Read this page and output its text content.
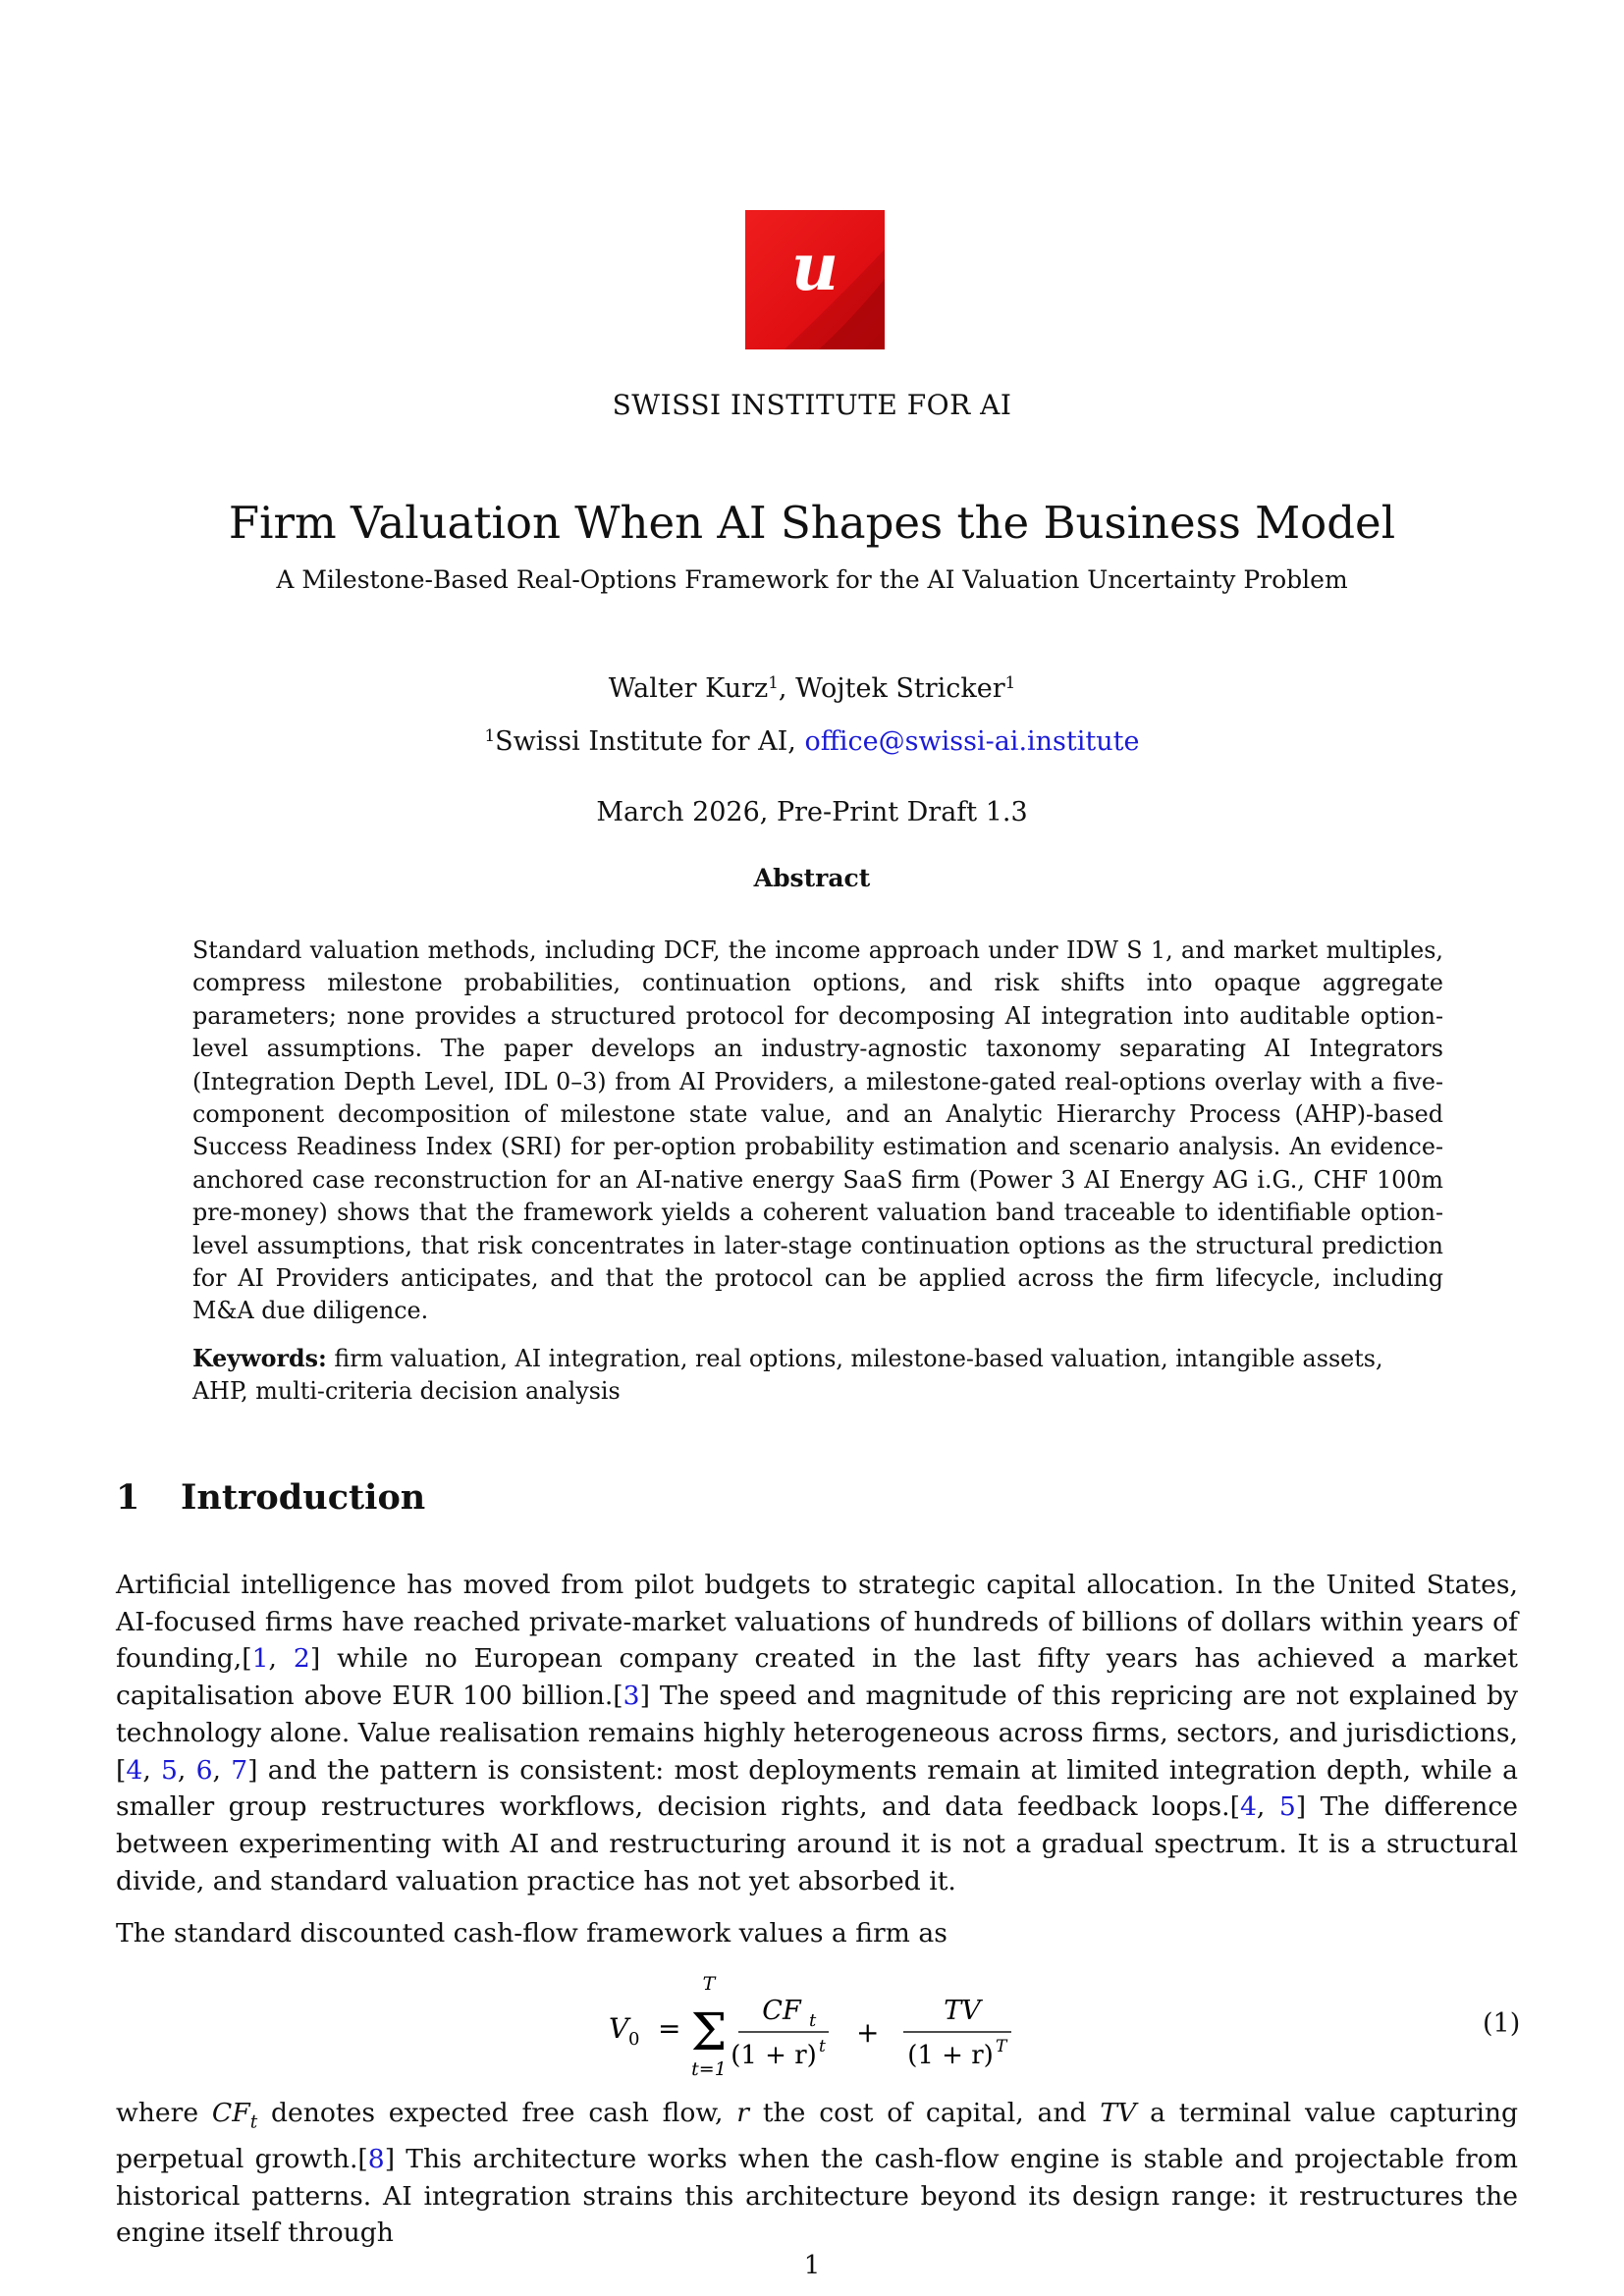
u
SWISSI INSTITUTE FOR AI
Firm Valuation When AI Shapes the Business Model
A Milestone-Based Real-Options Framework for the AI Valuation Uncertainty Problem
Walter Kurz$^1$, Wojtek Stricker$^1$
$^1$Swissi Institute for AI, office@swissi-ai.institute
March 2026, Pre-Print Draft 1.3
Abstract
Standard valuation methods, including DCF, the income approach under IDW S 1, and market multiples, compress milestone probabilities, continuation options, and risk shifts into opaque aggregate parameters; none provides a structured protocol for decomposing AI integration into auditable option-level assumptions. The paper develops an industry-agnostic taxonomy separating AI Integrators (Integration Depth Level, IDL 0–3) from AI Providers, a milestone-gated real-options overlay with a five-component decomposition of milestone state value, and an Analytic Hierarchy Process (AHP)-based Success Readiness Index (SRI) for per-option probability estimation and scenario analysis. An evidence-anchored case reconstruction for an AI-native energy SaaS firm (Power 3 AI Energy AG i.G., CHF 100m pre-money) shows that the framework yields a coherent valuation band traceable to identifiable option-level assumptions, that risk concentrates in later-stage continuation options as the structural prediction for AI Providers anticipates, and that the protocol can be applied across the firm lifecycle, including M&A due diligence.
Keywords: firm valuation, AI integration, real options, milestone-based valuation, intangible assets, AHP, multi-criteria decision analysis
1 Introduction
Artificial intelligence has moved from pilot budgets to strategic capital allocation. In the United States, AI-focused firms have reached private-market valuations of hundreds of billions of dollars within years of founding,[1, 2] while no European company created in the last fifty years has achieved a market capitalisation above EUR 100 billion.[3] The speed and magnitude of this repricing are not explained by technology alone. Value realisation remains highly heterogeneous across firms, sectors, and jurisdictions,[4, 5, 6, 7] and the pattern is consistent: most deployments remain at limited integration depth, while a smaller group restructures workflows, decision rights, and data feedback loops.[4, 5] The difference between experimenting with AI and restructuring around it is not a gradual spectrum. It is a structural divide, and standard valuation practice has not yet absorbed it.
The standard discounted cash-flow framework values a firm as
V 0 =
T
Σ
t=1
CF t
(1 + r) t +
TV
(1 + r) T
(1)
where $CF_t$ denotes expected free cash flow, r the cost of capital, and TV a terminal value capturing perpetual growth.[8] This architecture works when the cash-flow engine is stable and projectable from historical patterns. AI integration strains this architecture beyond its design range: it restructures the engine itself through
1
